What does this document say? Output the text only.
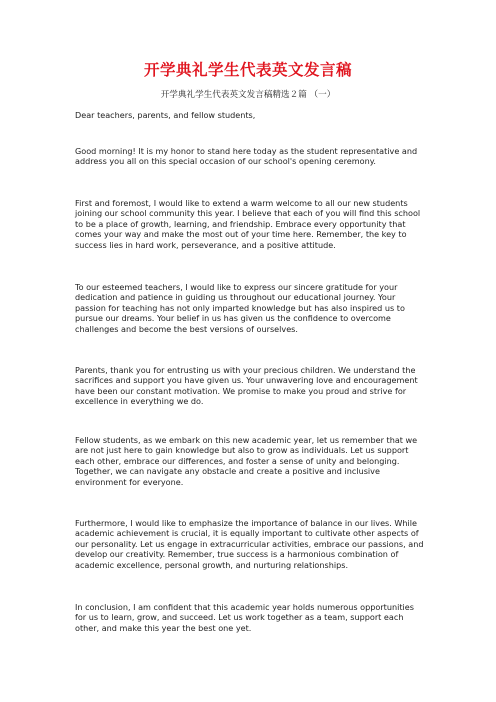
开学典礼学生代表英文发言稿
开学典礼学生代表英文发言稿精选２篇 （一）

Dear teachers, parents, and fellow students,

Good morning! It is my honor to stand here today as the student representative and address you all on this special occasion of our school's opening ceremony.

First and foremost, I would like to extend a warm welcome to all our new students joining our school community this year. I believe that each of you will find this school to be a place of growth, learning, and friendship. Embrace every opportunity that comes your way and make the most out of your time here. Remember, the key to success lies in hard work, perseverance, and a positive attitude.

To our esteemed teachers, I would like to express our sincere gratitude for your dedication and patience in guiding us throughout our educational journey. Your passion for teaching has not only imparted knowledge but has also inspired us to pursue our dreams. Your belief in us has given us the confidence to overcome challenges and become the best versions of ourselves.

Parents, thank you for entrusting us with your precious children. We understand the sacrifices and support you have given us. Your unwavering love and encouragement have been our constant motivation. We promise to make you proud and strive for excellence in everything we do.

Fellow students, as we embark on this new academic year, let us remember that we are not just here to gain knowledge but also to grow as individuals. Let us support each other, embrace our differences, and foster a sense of unity and belonging. Together, we can navigate any obstacle and create a positive and inclusive environment for everyone.

Furthermore, I would like to emphasize the importance of balance in our lives. While academic achievement is crucial, it is equally important to cultivate other aspects of our personality. Let us engage in extracurricular activities, embrace our passions, and develop our creativity. Remember, true success is a harmonious combination of academic excellence, personal growth, and nurturing relationships.

In conclusion, I am confident that this academic year holds numerous opportunities for us to learn, grow, and succeed. Let us work together as a team, support each other, and make this year the best one yet.
